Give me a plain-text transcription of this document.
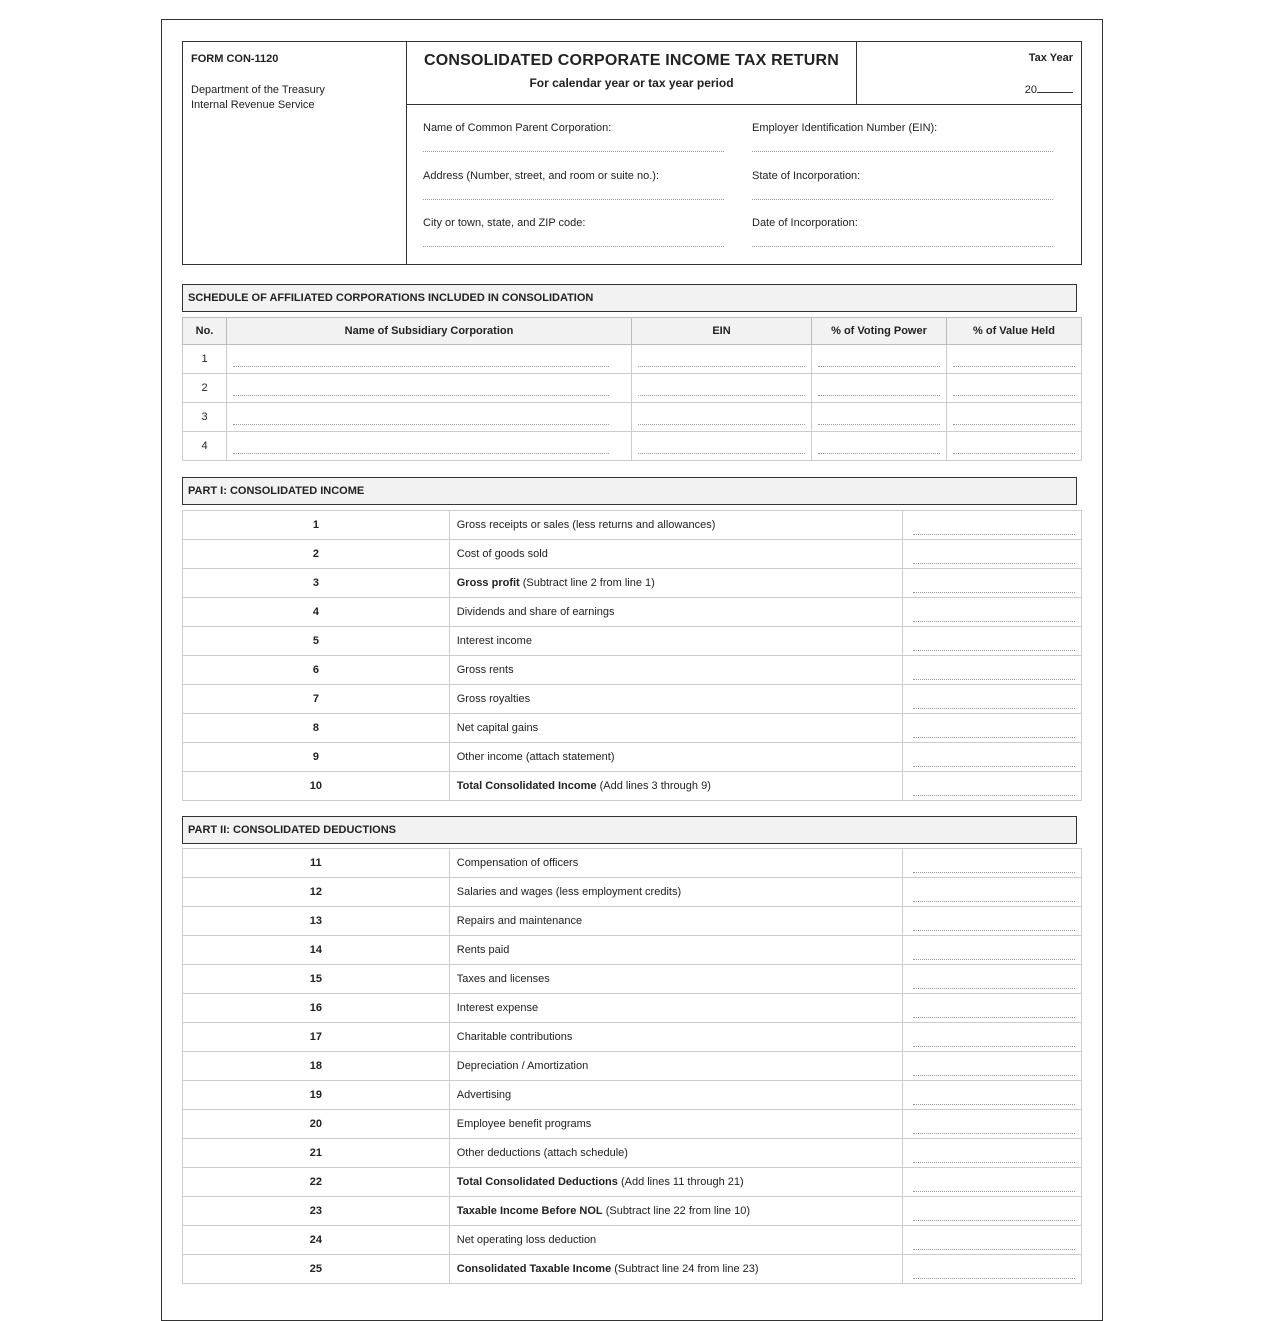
FORM CON-1120
Department of the Treasury
Internal Revenue Service
CONSOLIDATED CORPORATE INCOME TAX RETURN
For calendar year or tax year period
Tax Year
20
Name of Common Parent Corporation:	Employer Identification Number (EIN):
Address (Number, street, and room or suite no.):	State of Incorporation:
City or town, state, and ZIP code:	Date of Incorporation:
SCHEDULE OF AFFILIATED CORPORATIONS INCLUDED IN CONSOLIDATION
No.	Name of Subsidiary Corporation	EIN	% of Voting Power	% of Value Held
1	

2	

3	

4	

PART I: CONSOLIDATED INCOME
1	Gross receipts or sales (less returns and allowances)	

2	Cost of goods sold	

3	Gross profit (Subtract line 2 from line 1)	

4	Dividends and share of earnings	

5	Interest income	

6	Gross rents	

7	Gross royalties	

8	Net capital gains	

9	Other income (attach statement)	

10	Total Consolidated Income (Add lines 3 through 9)	
PART II: CONSOLIDATED DEDUCTIONS
11	Compensation of officers	

12	Salaries and wages (less employment credits)	

13	Repairs and maintenance	

14	Rents paid	

15	Taxes and licenses	

16	Interest expense	

17	Charitable contributions	

18	Depreciation / Amortization	

19	Advertising	

20	Employee benefit programs	

21	Other deductions (attach schedule)	

22	Total Consolidated Deductions (Add lines 11 through 21)	

23	Taxable Income Before NOL (Subtract line 22 from line 10)	

24	Net operating loss deduction	

25	Consolidated Taxable Income (Subtract line 24 from line 23)	
